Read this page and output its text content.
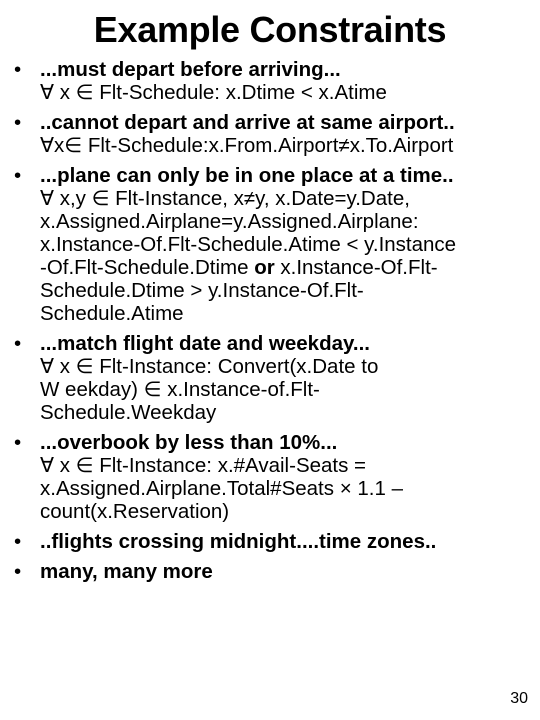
Example Constraints
• ...must depart before arriving...
∀ x ∈ Flt-Schedule: x.Dtime < x.Atime
• ..cannot depart and arrive at same airport..
∀x∈ Flt-Schedule:x.From.Airport≠x.To.Airport
• ...plane can only be in one place at a time..
∀ x,y ∈ Flt-Instance, x≠y, x.Date=y.Date,
x.Assigned.Airplane=y.Assigned.Airplane:
x.Instance-Of.Flt-Schedule.Atime < y.Instance
-Of.Flt-Schedule.Dtime or x.Instance-Of.Flt-
Schedule.Dtime > y.Instance-Of.Flt-
Schedule.Atime
• ...match flight date and weekday...
∀ x ∈ Flt-Instance: Convert(x.Date to
W eekday) ∈ x.Instance-of.Flt-
Schedule.Weekday
• ...overbook by less than 10%...
∀ x ∈ Flt-Instance: x.#Avail-Seats =
x.Assigned.Airplane.Total#Seats × 1.1 –
count(x.Reservation)
• ..flights crossing midnight....time zones..
• many, many more
30
